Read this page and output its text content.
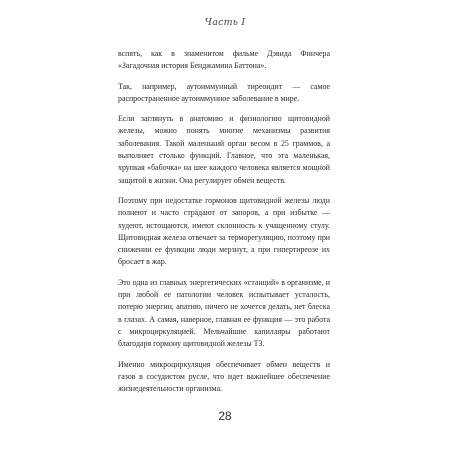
Часть I

вспять, как в знаменитом фильме Дэвида Финчера «Загадочная история Бенджамина Баттона».

Так, например, аутоиммунный тиреоидит — самое распространенное аутоиммунное заболевание в мире.

Если заглянуть в анатомию и физиологию щитовидной железы, можно понять многие механизмы развития заболевания. Такой маленький орган весом в 25 граммов, а выполняет столько функций. Главное, что эта маленькая, хрупкая «бабочка» на шее каждого человека является мощной защитой в жизни. Она регулирует обмен веществ.

Поэтому при недостатке гормонов щитовидной железы люди полнеют и часто страдают от запоров, а при избытке — худеют, истощаются, имеют склонность к учащенному стулу. Щитовидная железа отвечает за терморегуляцию, поэтому при снижении ее функции люди мерзнут, а при гипертиреозе их бросает в жар.

Это одна из главных энергетических «станций» в организме, и при любой ее патологии человек испытывает усталость, потерю энергии, апатию, ничего не хочется делать, нет блеска в глазах. А самая, наверное, главная ее функция — это работа с микроциркуляцией. Мельчайшие капилляры работают благодаря гормону щитовидной железы Т3.

Именно микроциркуляция обеспечивает обмен веществ и газов в сосудистом русле, что идет важнейшее обеспечение жизнедеятельности организма.

28
